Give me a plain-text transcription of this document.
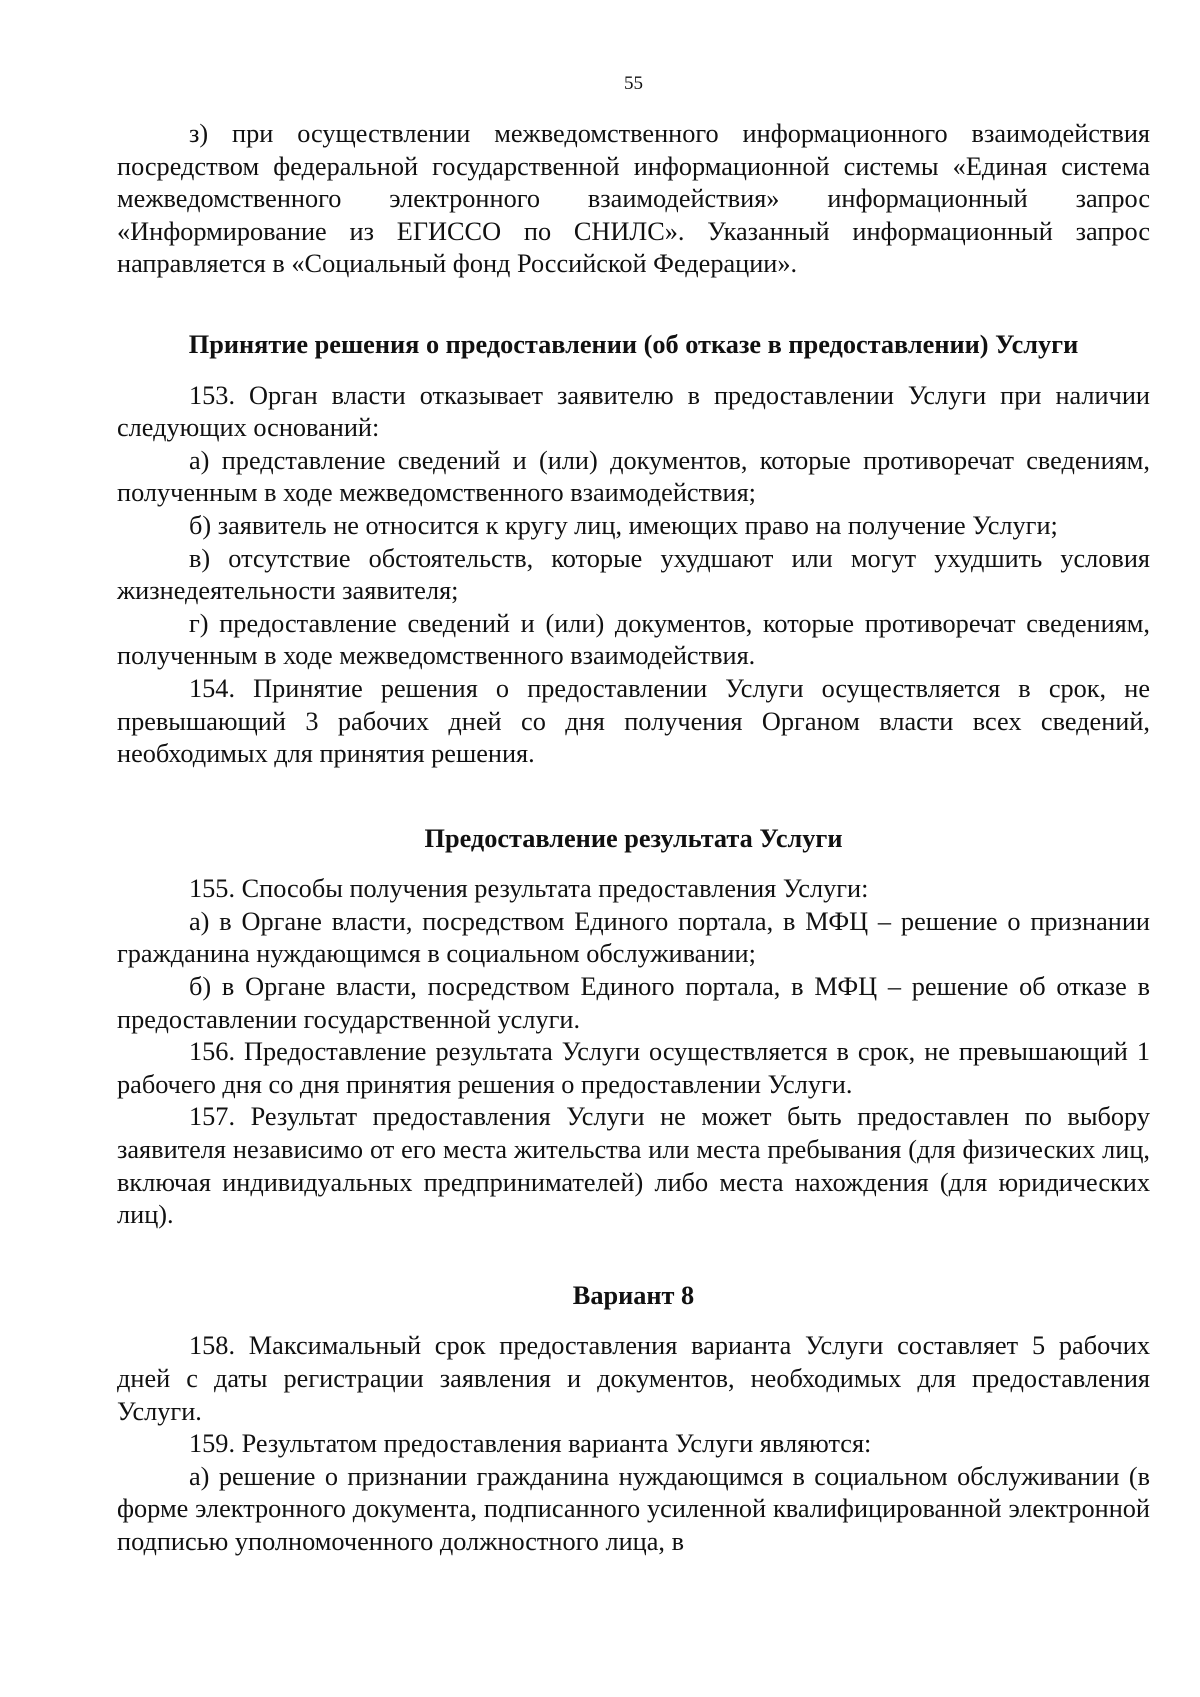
55

з) при осуществлении межведомственного информационного взаимодействия посредством федеральной государственной информационной системы «Единая система межведомственного электронного взаимодействия» информационный запрос «Информирование из ЕГИССО по СНИЛС». Указанный информационный запрос направляется в «Социальный фонд Российской Федерации».

Принятие решения о предоставлении (об отказе в предоставлении) Услуги

153. Орган власти отказывает заявителю в предоставлении Услуги при наличии следующих оснований:

а) представление сведений и (или) документов, которые противоречат сведениям, полученным в ходе межведомственного взаимодействия;

б) заявитель не относится к кругу лиц, имеющих право на получение Услуги;

в) отсутствие обстоятельств, которые ухудшают или могут ухудшить условия жизнедеятельности заявителя;

г) предоставление сведений и (или) документов, которые противоречат сведениям, полученным в ходе межведомственного взаимодействия.

154. Принятие решения о предоставлении Услуги осуществляется в срок, не превышающий 3 рабочих дней со дня получения Органом власти всех сведений, необходимых для принятия решения.

Предоставление результата Услуги

155. Способы получения результата предоставления Услуги:

а) в Органе власти, посредством Единого портала, в МФЦ – решение о признании гражданина нуждающимся в социальном обслуживании;

б) в Органе власти, посредством Единого портала, в МФЦ – решение об отказе в предоставлении государственной услуги.

156. Предоставление результата Услуги осуществляется в срок, не превышающий 1 рабочего дня со дня принятия решения о предоставлении Услуги.

157. Результат предоставления Услуги не может быть предоставлен по выбору заявителя независимо от его места жительства или места пребывания (для физических лиц, включая индивидуальных предпринимателей) либо места нахождения (для юридических лиц).

Вариант 8

158. Максимальный срок предоставления варианта Услуги составляет 5 рабочих дней с даты регистрации заявления и документов, необходимых для предоставления Услуги.

159. Результатом предоставления варианта Услуги являются:

а) решение о признании гражданина нуждающимся в социальном обслуживании (в форме электронного документа, подписанного усиленной квалифицированной электронной подписью уполномоченного должностного лица, в
